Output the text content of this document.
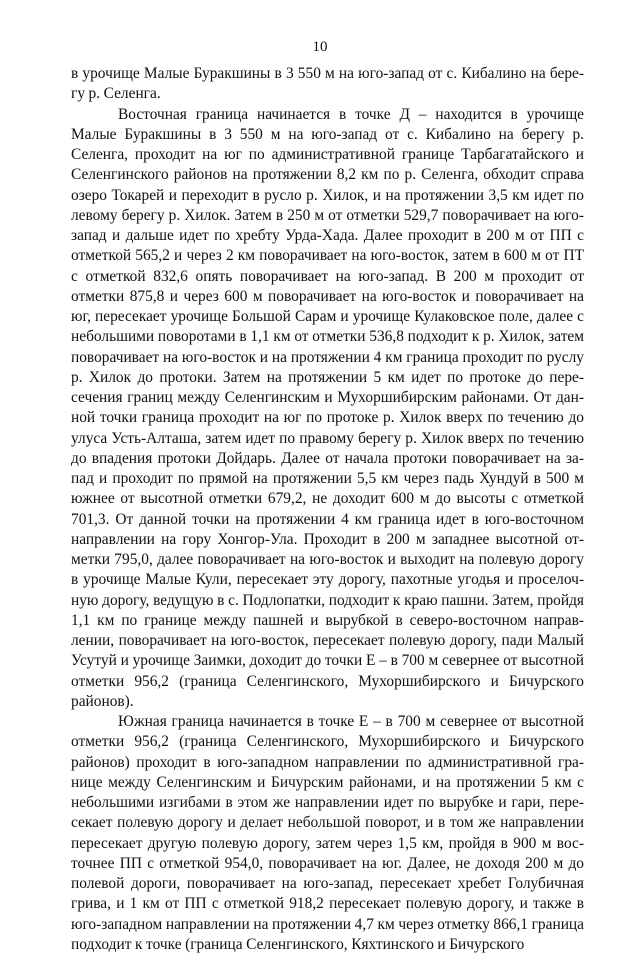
10

в урочище Малые Буракшины в 3 550 м на юго-запад от с. Кибалино на берегу р. Селенга.

Восточная граница начинается в точке Д – находится в урочище Малые Буракшины в 3 550 м на юго-запад от с. Кибалино на берегу р. Селенга, проходит на юг по административной границе Тарбагатайского и Селенгинского районов на протяжении 8,2 км по р. Селенга, обходит справа озеро Токарей и переходит в русло р. Хилок, и на протяжении 3,5 км идет по левому берегу р. Хилок. Затем в 250 м от отметки 529,7 поворачивает на юго-запад и дальше идет по хребту Урда-Хада. Далее проходит в 200 м от ПП с отметкой 565,2 и через 2 км поворачивает на юго-восток, затем в 600 м от ПТ с отметкой 832,6 опять поворачивает на юго-запад. В 200 м проходит от отметки 875,8 и через 600 м поворачивает на юго-восток и поворачивает на юг, пересекает урочище Большой Сарам и урочище Кулаковское поле, далее с небольшими поворотами в 1,1 км от отметки 536,8 подходит к р. Хилок, затем поворачивает на юго-восток и на протяжении 4 км граница проходит по руслу р. Хилок до протоки. Затем на протяжении 5 км идет по протоке до пересечения границ между Селенгинским и Мухоршибирским районами. От данной точки граница проходит на юг по протоке р. Хилок вверх по течению до улуса Усть-Алташа, затем идет по правому берегу р. Хилок вверх по течению до впадения протоки Дойдарь. Далее от начала протоки поворачивает на запад и проходит по прямой на протяжении 5,5 км через падь Хундуй в 500 м южнее от высотной отметки 679,2, не доходит 600 м до высоты с отметкой 701,3. От данной точки на протяжении 4 км граница идет в юго-восточном направлении на гору Хонгор-Ула. Проходит в 200 м западнее высотной отметки 795,0, далее поворачивает на юго-восток и выходит на полевую дорогу в урочище Малые Кули, пересекает эту дорогу, пахотные угодья и проселочную дорогу, ведущую в с. Подлопатки, подходит к краю пашни. Затем, пройдя 1,1 км по границе между пашней и вырубкой в северо-восточном направлении, поворачивает на юго-восток, пересекает полевую дорогу, пади Малый Усутуй и урочище Заимки, доходит до точки Е – в 700 м севернее от высотной отметки 956,2 (граница Селенгинского, Мухоршибирского и Бичурского районов).

Южная граница начинается в точке Е – в 700 м севернее от высотной отметки 956,2 (граница Селенгинского, Мухоршибирского и Бичурского районов) проходит в юго-западном направлении по административной границе между Селенгинским и Бичурским районами, и на протяжении 5 км с небольшими изгибами в этом же направлении идет по вырубке и гари, пересекает полевую дорогу и делает небольшой поворот, и в том же направлении пересекает другую полевую дорогу, затем через 1,5 км, пройдя в 900 м восточнее ПП с отметкой 954,0, поворачивает на юг. Далее, не доходя 200 м до полевой дороги, поворачивает на юго-запад, пересекает хребет Голубичная грива, и 1 км от ПП с отметкой 918,2 пересекает полевую дорогу, и также в юго-западном направлении на протяжении 4,7 км через отметку 866,1 граница подходит к точке (граница Селенгинского, Кяхтинского и Бичурского
